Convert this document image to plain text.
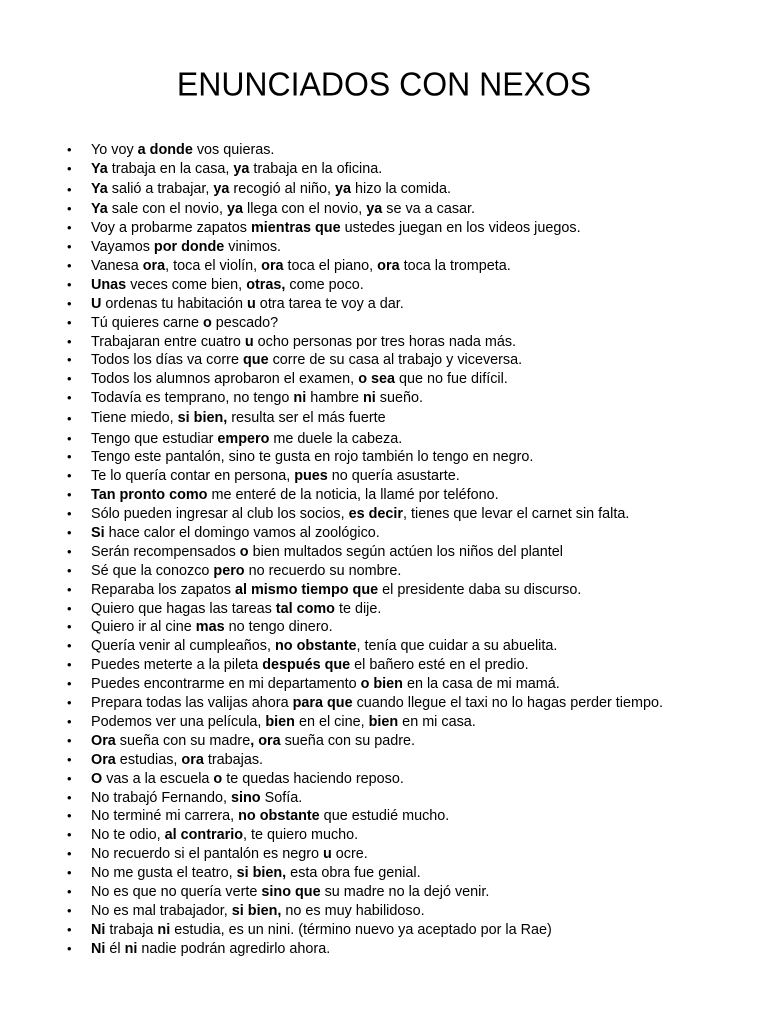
ENUNCIADOS CON NEXOS
• Yo voy a donde vos quieras.
• Ya trabaja en la casa, ya trabaja en la oficina.
• Ya salió a trabajar, ya recogió al niño, ya hizo la comida.
• Ya sale con el novio, ya llega con el novio, ya se va a casar.
• Voy a probarme zapatos mientras que ustedes juegan en los videos juegos.
• Vayamos por donde vinimos.
• Vanesa ora, toca el violín, ora toca el piano, ora toca la trompeta.
• Unas veces come bien, otras, come poco.
• U ordenas tu habitación u otra tarea te voy a dar.
• Tú quieres carne o pescado?
• Trabajaran entre cuatro u ocho personas por tres horas nada más.
• Todos los días va corre que corre de su casa al trabajo y viceversa.
• Todos los alumnos aprobaron el examen, o sea que no fue difícil.
• Todavía es temprano, no tengo ni hambre ni sueño.
• Tiene miedo, si bien, resulta ser el más fuerte
• Tengo que estudiar empero me duele la cabeza.
• Tengo este pantalón, sino te gusta en rojo también lo tengo en negro.
• Te lo quería contar en persona, pues no quería asustarte.
• Tan pronto como me enteré de la noticia, la llamé por teléfono.
• Sólo pueden ingresar al club los socios, es decir, tienes que levar el carnet sin falta.
• Si hace calor el domingo vamos al zoológico.
• Serán recompensados o bien multados según actúen los niños del plantel
• Sé que la conozco pero no recuerdo su nombre.
• Reparaba los zapatos al mismo tiempo que el presidente daba su discurso.
• Quiero que hagas las tareas tal como te dije.
• Quiero ir al cine mas no tengo dinero.
• Quería venir al cumpleaños, no obstante, tenía que cuidar a su abuelita.
• Puedes meterte a la pileta después que el bañero esté en el predio.
• Puedes encontrarme en mi departamento o bien en la casa de mi mamá.
• Prepara todas las valijas ahora para que cuando llegue el taxi no lo hagas perder tiempo.
• Podemos ver una película, bien en el cine, bien en mi casa.
• Ora sueña con su madre, ora sueña con su padre.
• Ora estudias, ora trabajas.
• O vas a la escuela o te quedas haciendo reposo.
• No trabajó Fernando, sino Sofía.
• No terminé mi carrera, no obstante que estudié mucho.
• No te odio, al contrario, te quiero mucho.
• No recuerdo si el pantalón es negro u ocre.
• No me gusta el teatro, si bien, esta obra fue genial.
• No es que no quería verte sino que su madre no la dejó venir.
• No es mal trabajador, si bien, no es muy habilidoso.
• Ni trabaja ni estudia, es un nini. (término nuevo ya aceptado por la Rae)
• Ni él ni nadie podrán agredirlo ahora.
